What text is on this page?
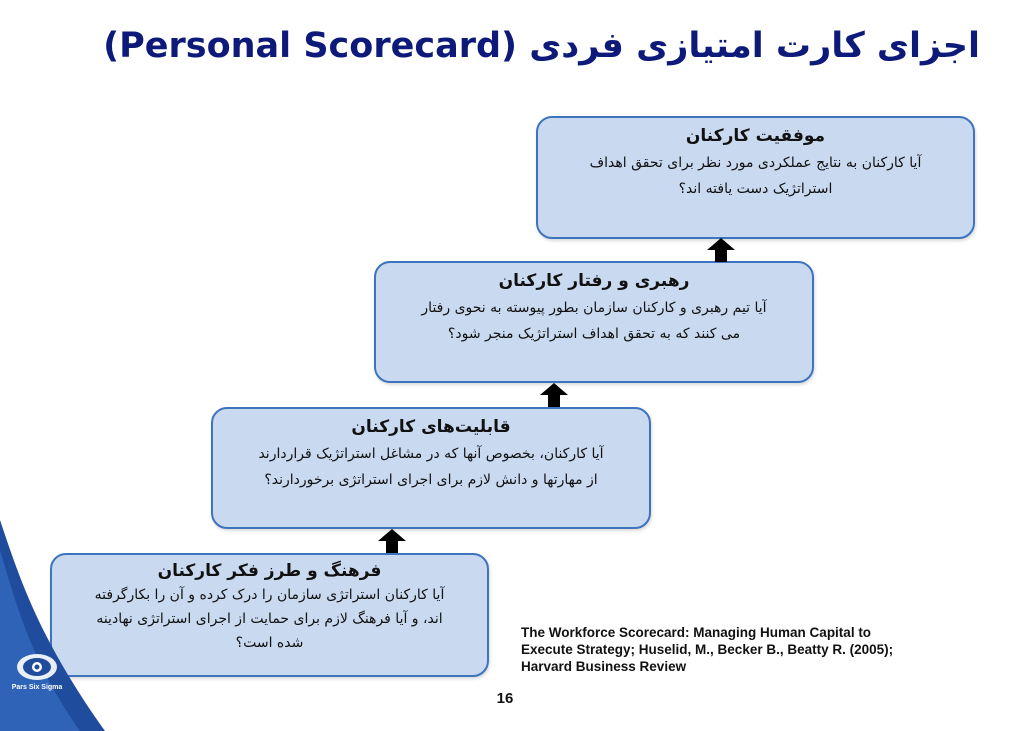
اجزای کارت امتیازی فردی (Personal Scorecard)
موفقیت کارکنان
آیا کارکنان به نتایج عملکردی مورد نظر برای تحقق اهداف
استراتژیک دست یافته اند؟
رهبری و رفتار کارکنان
آیا تیم رهبری و کارکنان سازمان بطور پیوسته به نحوی رفتار
می کنند که به تحقق اهداف استراتژیک منجر شود؟
قابلیت‌های کارکنان
آیا کارکنان، بخصوص آنها که در مشاغل استراتژیک قراردارند
از مهارتها و دانش لازم برای اجرای استراتژی برخوردارند؟
فرهنگ و طرز فکر کارکنان
آیا کارکنان استراتژی سازمان را درک کرده و آن را بکارگرفته
اند، و آیا فرهنگ لازم برای حمایت از اجرای استراتژی نهادینه
شده است؟
Pars Six Sigma
The Workforce Scorecard: Managing Human Capital to
Execute Strategy; Huselid, M., Becker B., Beatty R. (2005);
Harvard Business Review
16
